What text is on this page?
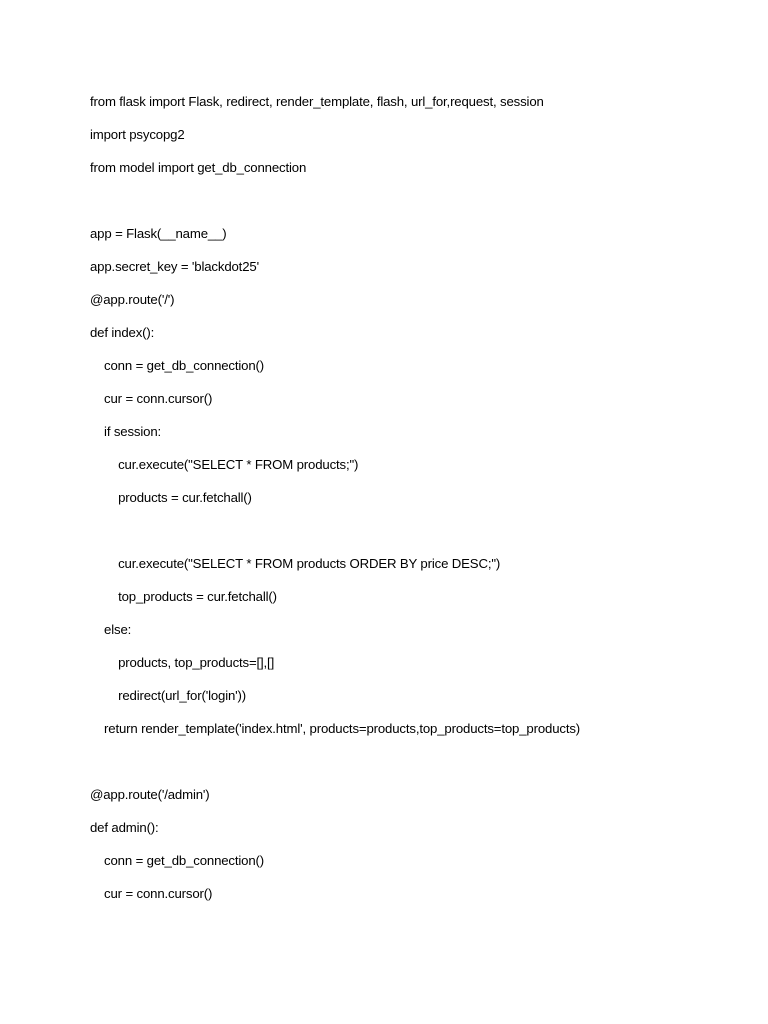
from flask import Flask, redirect, render_template, flash, url_for,request, session
import psycopg2
from model import get_db_connection
app = Flask(__name__)
app.secret_key = 'blackdot25'
@app.route('/')
def index():
conn = get_db_connection()
cur = conn.cursor()
if session:
cur.execute("SELECT * FROM products;")
products = cur.fetchall()
cur.execute("SELECT * FROM products ORDER BY price DESC;")
top_products = cur.fetchall()
else:
products, top_products=[],[]
redirect(url_for('login'))
return render_template('index.html', products=products,top_products=top_products)
@app.route('/admin')
def admin():
conn = get_db_connection()
cur = conn.cursor()
